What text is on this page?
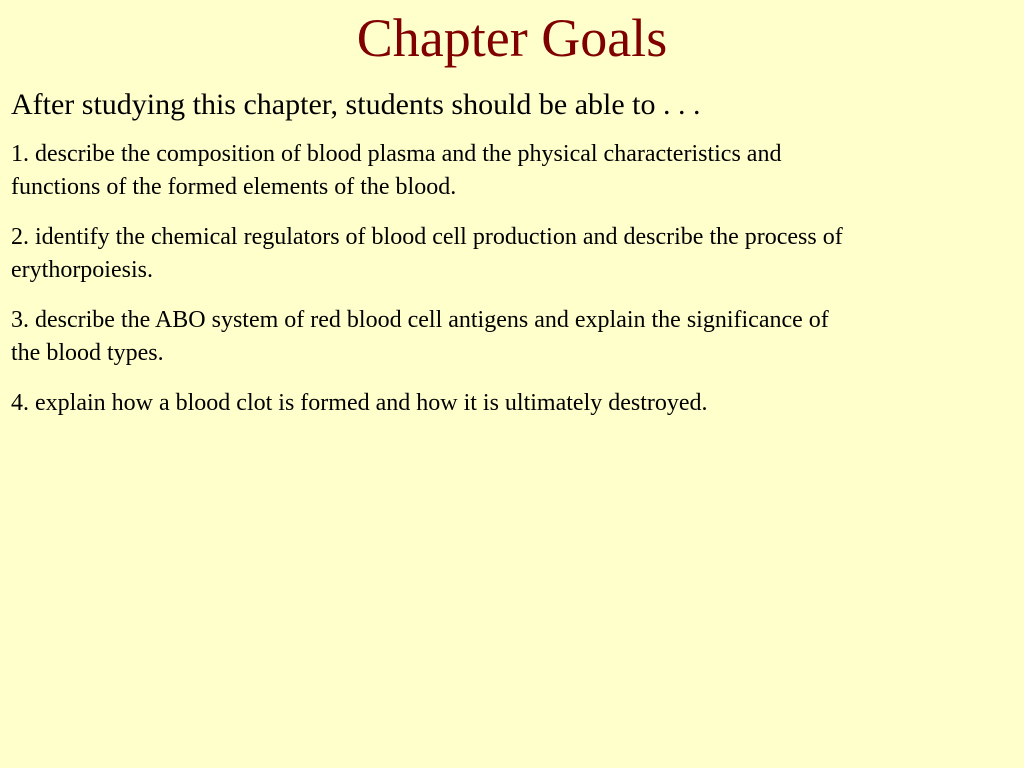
Chapter Goals

After studying this chapter, students should be able to . . .

1. describe the composition of blood plasma and the physical characteristics and
functions of the formed elements of the blood.
2. identify the chemical regulators of blood cell production and describe the process of
erythorpoiesis.
3. describe the ABO system of red blood cell antigens and explain the significance of
the blood types.
4. explain how a blood clot is formed and how it is ultimately destroyed.
